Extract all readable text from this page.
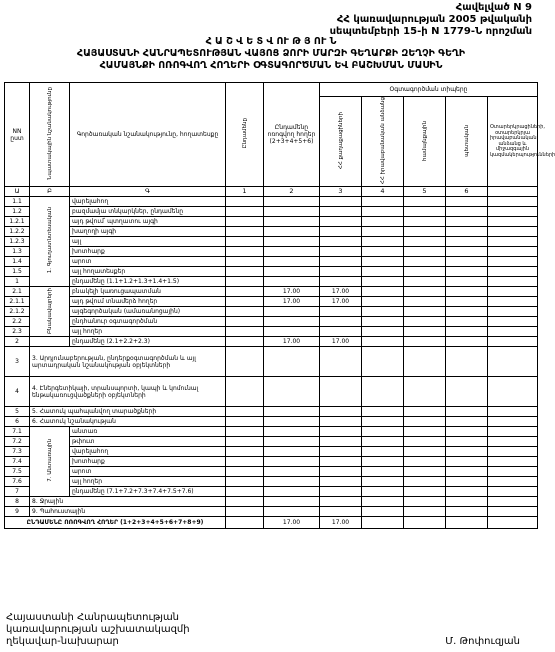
Հավելված N 9
ՀՀ կառավարության 2005 թվականի
սեպտեմբերի 15-ի N 1779-Ն որոշման
Հ Ա Շ Վ Ե Տ Վ ՈՒ Թ Յ ՈՒ Ն
ՀԱՅԱՍՏԱՆԻ ՀԱՆՐԱՊԵՏՈՒԹՅԱՆ ՎԱՅՈՑ ՁՈՐԻ ՄԱՐԶԻ ԳԵՂԱՐՔԻ ԶԵՂՉԻ ԳԵՂԻ
ՀԱՄԱՅՆՔԻ ՈՌՈԳՎՈՂ ՀՈՂԵՐԻ ՕԳՏԱԳՈՐԾՄԱՆ ԵՎ ԲԱՇԽՄԱՆ ՄԱՍԻՆ
NN ըստ	Նպատակային նշանակությունը	Գործառական նշանակությունը, հողատեսքը	Ընդամենը	Ընդամենը ոռոգվող հողեր (2+3+4+5+6)	Օգտագործման տիպերը				
					ՀՀ քաղաքացիների	ՀՀ իրավաբանական անձանց	համայնքային	պետական	Օտարերկրացիների, օտարերկրյա իրավաբանական անձանց և միջազգային կազմակերպությունների
Ա	Բ	Գ	1	2	3	4	5	6	
1.1	1. Գյուղատնտեսական	վարելահող							
1.2		բազմամյա տնկարկներ, ընդամենը							
1.2.1		այդ թվում՝ պտղատու այգի							
1.2.2		խաղողի այգի							
1.2.3		այլ							
1.3		խոտհարք							
1.4		արոտ							
1.5		այլ հողատեսքեր							
1		ընդամենը (1.1+1.2+1.3+1.4+1.5)							
2.1	Բնակավայրերի	բնակելի կառուցապատման		17.00	17.00				
2.1.1		այդ թվում տնամերձ հողեր		17.00	17.00				
2.1.2		այգեգործական (ամառանոցային)							
2.2		ընդհանուր օգտագործման							
2.3		այլ հողեր							
2		ընդամենը (2.1+2.2+2.3)		17.00	17.00				
3	3. Արդյունաբերության, ընդերքօգտագործման և այլ արտադրական նշանակության օբյեկտների								
4	4. Էներգետիկայի, տրանսպորտի, կապի և կոմունալ ենթակառուցվածքների օբյեկտների								
5	5. Հատուկ պահպանվող տարածքների								
6	6. Հատուկ նշանակության								
7.1	7. Անտառային	անտառ							
7.2		թփուտ							
7.3		վարելահող							
7.4		խոտհարք							
7.5		արոտ							
7.6		այլ հողեր							
7		ընդամենը (7.1+7.2+7.3+7.4+7.5+7.6)							
8	8. Ջրային								
9	9. Պահուստային								
ԸՆԴԱՄԵՆԸ ՈՌՈԳՎՈՂ ՀՈՂԵՐ (1+2+3+4+5+6+7+8+9)				17.00	17.00				
Հայաստանի Հանրապետության
կառավարության աշխատակազմի
ղեկավար-նախարար	Մ. Թոփուզյան
